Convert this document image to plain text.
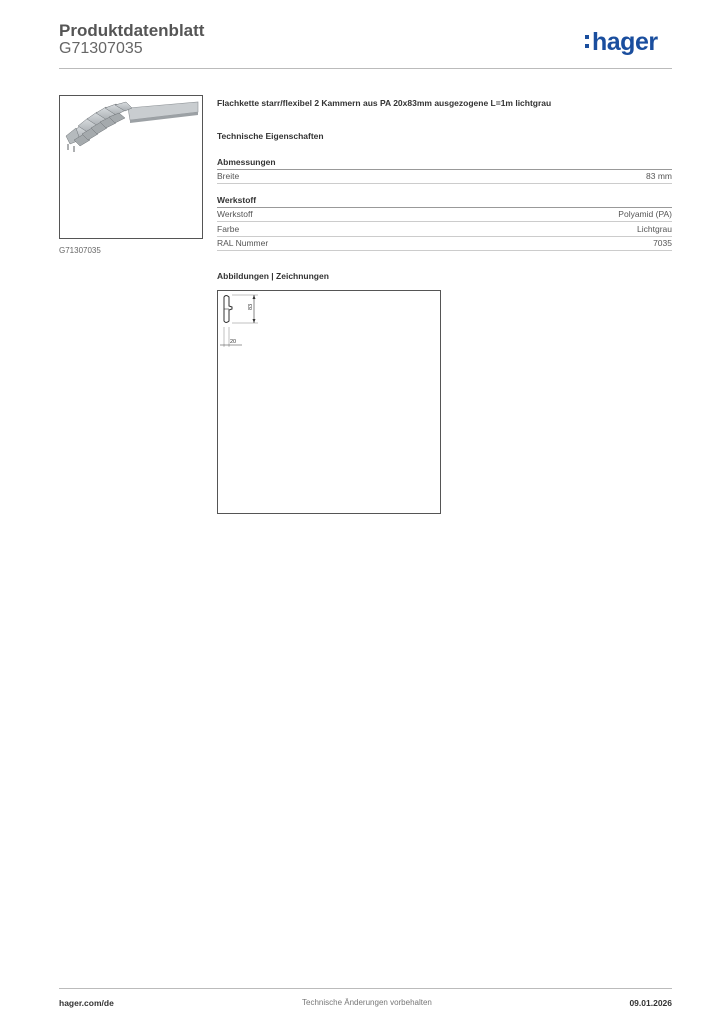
Produktdatenblatt
G71307035	hager
G71307035
Flachkette starr/flexibel 2 Kammern aus PA 20x83mm ausgezogene L=1m lichtgrau
Technische Eigenschaften
Abmessungen
Breite	83 mm
Werkstoff
Werkstoff	Polyamid (PA)
Farbe	Lichtgrau
RAL Nummer	7035
Abbildungen | Zeichnungen
83
20
hager.com/de	Technische Änderungen vorbehalten	09.01.2026
